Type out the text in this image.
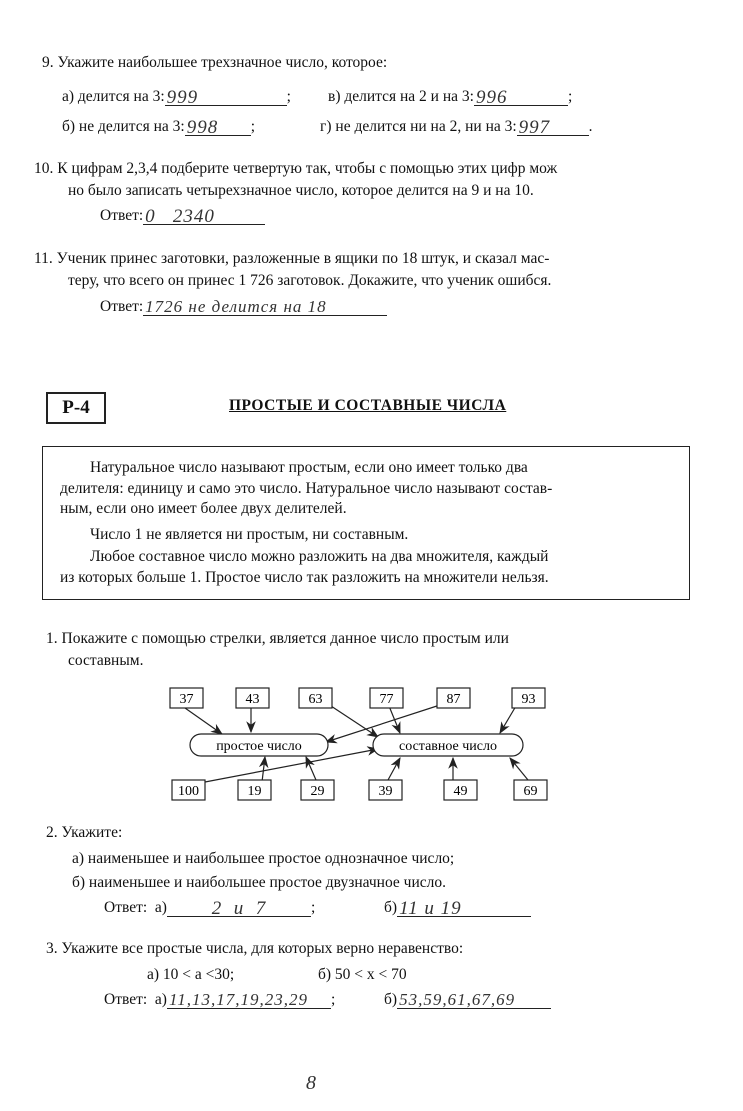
9. Укажите наибольшее трехзначное число, которое:
а) делится на 3: 999	; в) делится на 2 и на 3: 996	;
б) не делится на 3: 998 ;	г) не делится ни на 2, ни на 3: 997 .
10. К цифрам 2,3,4 подберите четвертую так, чтобы с помощью этих цифр мож
но было записать четырехзначное число, которое делится на 9 и на 10.
Ответ: 0   2340
11. Ученик принес заготовки, разложенные в ящики по 18 штук, и сказал мас-
теру, что всего он принес 1 726 заготовок. Докажите, что ученик ошибся.
Ответ: 1726 не делится на 18
Р-4	ПРОСТЫЕ И СОСТАВНЫЕ ЧИСЛА

Натуральное число называют простым, если оно имеет только два

делителя: единицу и само это число. Натуральное число называют состав-

ным, если оно имеет более двух делителей.

Число 1 не является ни простым, ни составным.

Любое составное число можно разложить на два множителя, каждый

из которых больше 1. Простое число так разложить на множители нельзя.

1. Покажите с помощью стрелки, является данное число простым или
составным.
простое число	составное число
37	43	63	77	87	93
100	19	29	39	49	69
2. Укажите:
а) наименьшее и наибольшее простое однозначное число;
б) наименьшее и наибольшее простое двузначное число.
Ответ: а) 2  и  7	;	б) 11 и 19
3. Укажите все простые числа, для которых верно неравенство:
а) 10 < a <30;	б) 50 < x < 70
Ответ: а) 11,13,17,19,23,29 ;	б) 53,59,61,67,69
8
